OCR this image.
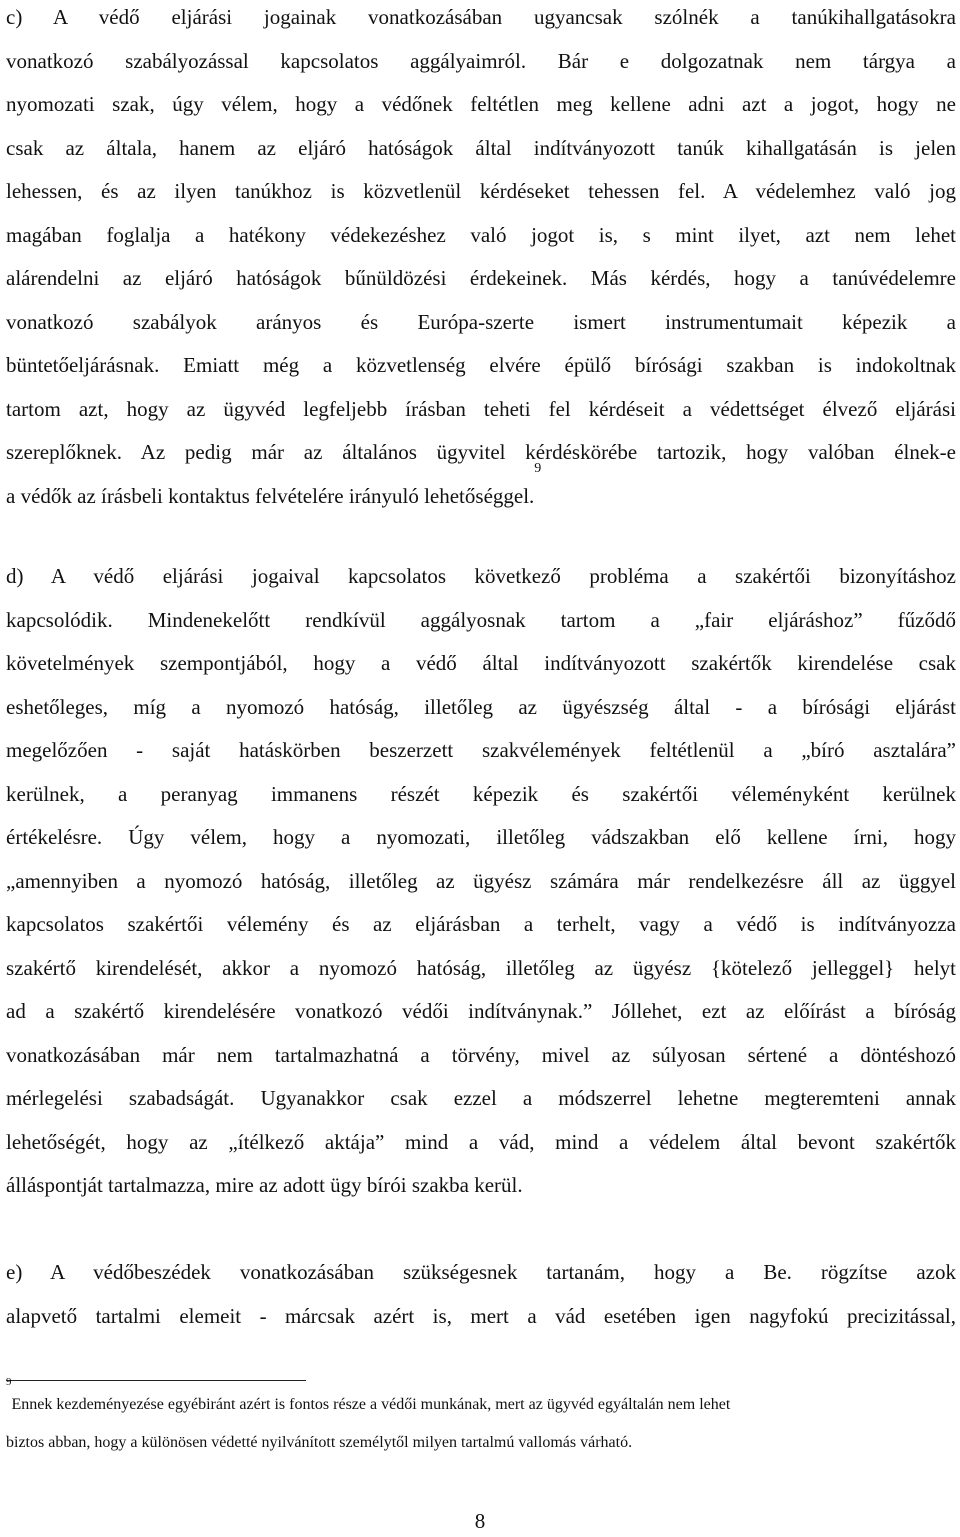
c) A védő eljárási jogainak vonatkozásában ugyancsak szólnék a tanúkihallgatásokra
vonatkozó szabályozással kapcsolatos aggályaimról. Bár e dolgozatnak nem tárgya a
nyomozati szak, úgy vélem, hogy a védőnek feltétlen meg kellene adni azt a jogot, hogy ne
csak az általa, hanem az eljáró hatóságok által indítványozott tanúk kihallgatásán is jelen
lehessen, és az ilyen tanúkhoz is közvetlenül kérdéseket tehessen fel. A védelemhez való jog
magában foglalja a hatékony védekezéshez való jogot is, s mint ilyet, azt nem lehet
alárendelni az eljáró hatóságok bűnüldözési érdekeinek. Más kérdés, hogy a tanúvédelemre
vonatkozó szabályok arányos és Európa-szerte ismert instrumentumait képezik a
büntetőeljárásnak. Emiatt még a közvetlenség elvére épülő bírósági szakban is indokoltnak
tartom azt, hogy az ügyvéd legfeljebb írásban teheti fel kérdéseit a védettséget élvező eljárási
szereplőknek. Az pedig már az általános ügyvitel kérdéskörébe tartozik, hogy valóban élnek-e
a védők az írásbeli kontaktus felvételére irányuló lehetőséggel.$^9$
d) A védő eljárási jogaival kapcsolatos következő probléma a szakértői bizonyításhoz
kapcsolódik. Mindenekelőtt rendkívül aggályosnak tartom a „fair eljáráshoz” fűződő
követelmények szempontjából, hogy a védő által indítványozott szakértők kirendelése csak
eshetőleges, míg a nyomozó hatóság, illetőleg az ügyészség által - a bírósági eljárást
megelőzően - saját hatáskörben beszerzett szakvélemények feltétlenül a „bíró asztalára”
kerülnek, a peranyag immanens részét képezik és szakértői véleményként kerülnek
értékelésre. Úgy vélem, hogy a nyomozati, illetőleg vádszakban elő kellene írni, hogy
„amennyiben a nyomozó hatóság, illetőleg az ügyész számára már rendelkezésre áll az üggyel
kapcsolatos szakértői vélemény és az eljárásban a terhelt, vagy a védő is indítványozza
szakértő kirendelését, akkor a nyomozó hatóság, illetőleg az ügyész {kötelező jelleggel} helyt
ad a szakértő kirendelésére vonatkozó védői indítványnak.” Jóllehet, ezt az előírást a bíróság
vonatkozásában már nem tartalmazhatná a törvény, mivel az súlyosan sértené a döntéshozó
mérlegelési szabadságát. Ugyanakkor csak ezzel a módszerrel lehetne megteremteni annak
lehetőségét, hogy az „ítélkező aktája” mind a vád, mind a védelem által bevont szakértők
álláspontját tartalmazza, mire az adott ügy bírói szakba kerül.
e) A védőbeszédek vonatkozásában szükségesnek tartanám, hogy a Be. rögzítse azok
alapvető tartalmi elemeit - márcsak azért is, mert a vád esetében igen nagyfokú precizitással,
$^9$Ennek kezdeményezése egyébiránt azért is fontos része a védői munkának, mert az ügyvéd egyáltalán nem lehet
biztos abban, hogy a különösen védetté nyilvánított személytől milyen tartalmú vallomás várható.
8
